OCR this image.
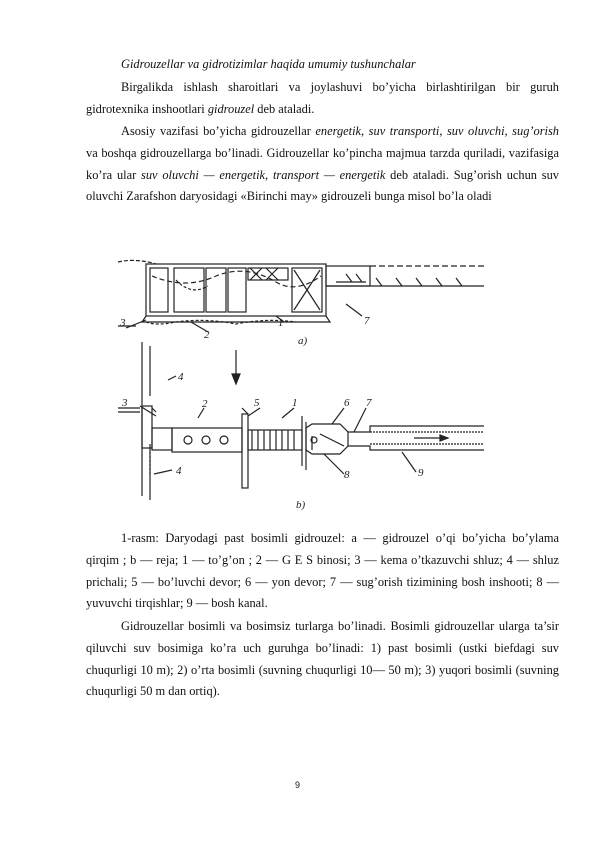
Gidrouzellar va gidrotizimlar haqida umumiy tushunchalar
Birgalikda ishlash sharoitlari va joylashuvi bo’yicha birlashtirilgan bir guruh gidrotexnika inshootlari gidrouzel deb ataladi.
Asosiy vazifasi bo’yicha gidrouzellar energetik, suv transporti, suv oluvchi, sug’orish va boshqa gidrouzellarga bo’linadi. Gidrouzellar ko’pincha majmua tarzda quriladi, vazifasiga ko’ra ular suv oluvchi — energetik, transport — energetik deb ataladi. Sug’orish uchun suv oluvchi Zarafshon daryosidagi «Birinchi may» gidrouzeli bunga misol bo’la oladi
3
2
1	7
a)
3
4
2	5	1	6 7
4	8	9
b)
1-rasm: Daryodagi past bosimli gidrouzel: a — gidrouzel o’qi bo’yicha bo’ylama qirqim ; b — reja; 1 — to’g’on ; 2 — G E S binosi; 3 — kema o’tkazuvchi shluz; 4 — shluz prichali; 5 — bo’luvchi devor; 6 — yon devor; 7 — sug’orish tizimining bosh inshooti; 8 — yuvuvchi tirqishlar; 9 — bosh kanal.
Gidrouzellar bosimli va bosimsiz turlarga bo’linadi. Bosimli gidrouzellar ularga ta’sir qiluvchi suv bosimiga ko’ra uch guruhga bo’linadi: 1) past bosimli (ustki biefdagi suv chuqurligi 10 m); 2) o’rta bosimli (suvning chuqurligi 10— 50 m); 3) yuqori bosimli (suvning chuqurligi 50 m dan ortiq).
9
